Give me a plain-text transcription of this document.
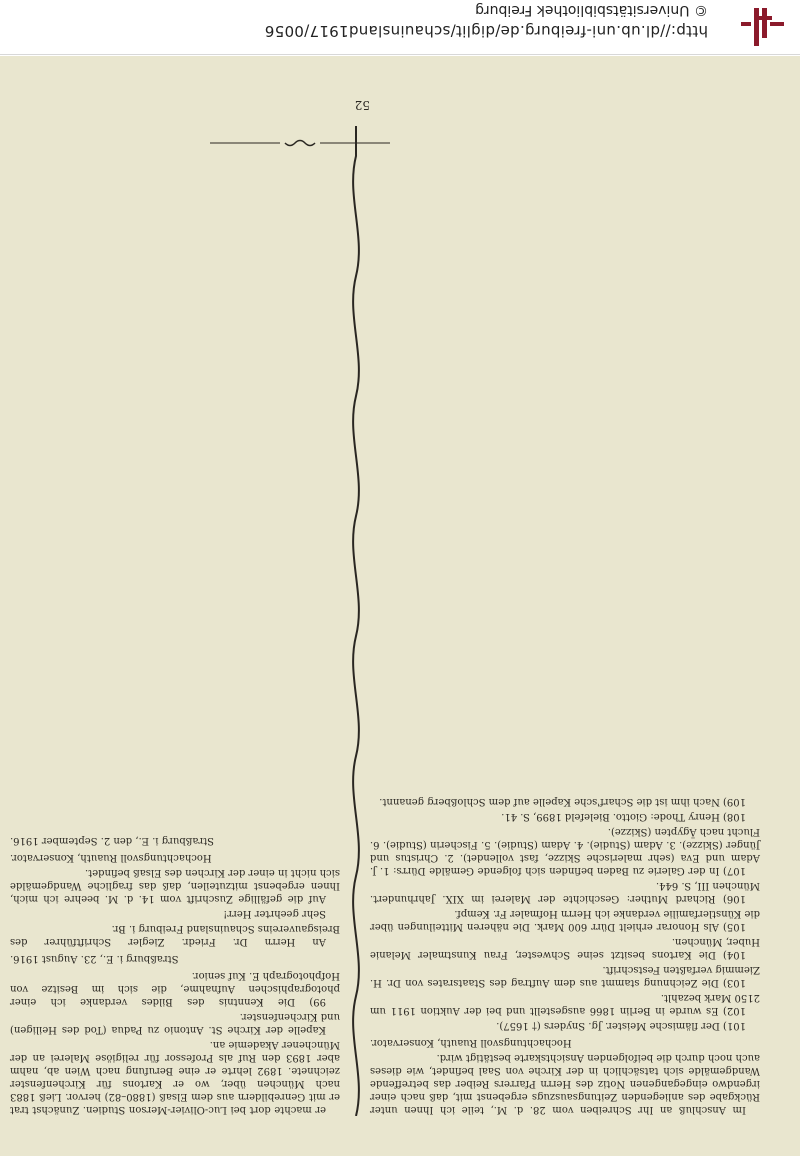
http://dl.ub.uni-freiburg.de/diglit/schauinsland1917/0056
© Universitätsbibliothek Freiburg
52

Im Anschluß an Ihr Schreiben vom 28. d. M., teile ich Ihnen unter Rückgabe des anliegenden Zeitungsauszugs ergebenst mit, daß nach einer irgendwo eingegangenen Notiz des Herrn Pfarrers Reiber das betreffende Wandgemälde sich tatsächlich in der Kirche von Saal befindet, wie dieses auch noch durch die beifolgenden Ansichtskarte bestätigt wird.

Hochachtungsvoll Ruauth, Konservator.

101) Der flämische Meister. Jg. Snyders († 1657).

102) Es wurde in Berlin 1866 ausgestellt und bei der Auktion 1911 um 2150 Mark bezahlt.

103) Die Zeichnung stammt aus dem Auftrag des Staatsrates von Dr. H. Ziemmig verfaßten Festschrift.

104) Die Kartons besitzt seine Schwester, Frau Kunstmaler Melanie Huber, München.

105) Als Honorar erhielt Dürr 600 Mark. Die näheren Mitteilungen über die Künstlerfamilie verdanke ich Herrn Hofmaler Fr. Kempf.

106) Richard Muther: Geschichte der Malerei im XIX. Jahrhundert. München III, S. 644.

107) In der Galerie zu Baden befinden sich folgende Gemälde Dürrs: 1. J. Adam und Eva (sehr malerische Skizze, fast vollendet). 2. Christus und Jünger (Skizze). 3. Adam (Studie). 4. Adam (Studie). 5. Fischerin (Studie). 6. Flucht nach Ägypten (Skizze).

108) Henry Thode: Giotto. Bielefeld 1899, S. 41.

109) Nach ihm ist die Scharf'sche Kapelle auf dem Schloßberg genannt.

er machte dort bei Luc-Olivier-Merson Studien. Zunächst trat er mit Genrebildern aus dem Elsaß (1880–82) hervor. Ließ 1883 nach München über, wo er Kartons für Kirchenfenster zeichnete. 1892 lehrte er eine Berufung nach Wien ab, nahm aber 1893 den Ruf als Professor für religiöse Malerei an der Münchener Akademie an.

Kapelle der Kirche St. Antonio zu Padua (Tod des Heiligen) und Kirchenfenster.

99) Die Kenntnis des Bildes verdanke ich einer photographischen Aufnahme, die sich im Besitze von Hofphotograph E. Kuf senior.

Straßburg i. E., 23. August 1916.

An Herrn Dr. Friedr. Ziegler Schriftführer des Breisgauvereins Schauinsland Freiburg i. Br.

Sehr geehrter Herr!

Auf die gefällige Zuschrift vom 14. d. M. beehre ich mich, Ihnen ergebenst mitzuteilen, daß das fragliche Wandgemälde sich nicht in einer der Kirchen des Elsaß befindet.

Hochachtungsvoll Ruauth, Konservator.

Straßburg i. E., den 2. September 1916.
